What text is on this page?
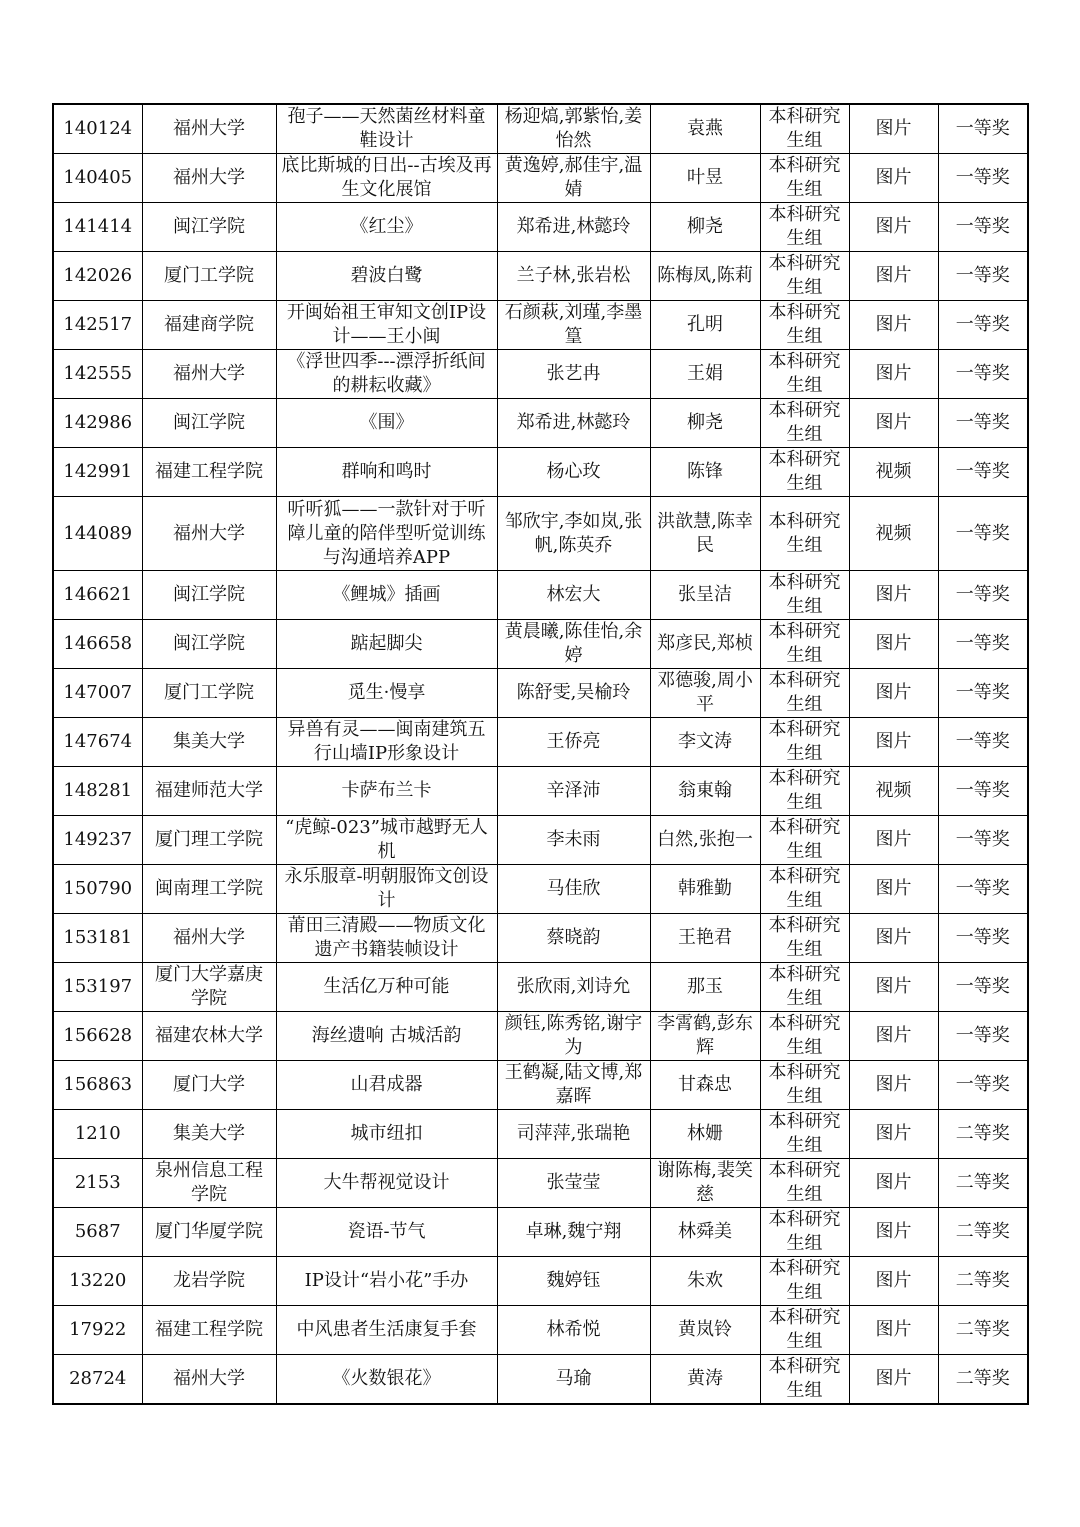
140124	福州大学	孢子——天然菌丝材料童鞋设计	杨迎熇,郭紫怡,姜怡然	袁燕	本科研究生组	图片	一等奖
140405	福州大学	底比斯城的日出--古埃及再生文化展馆	黄逸婷,郝佳宇,温婧	叶昱	本科研究生组	图片	一等奖
141414	闽江学院	《红尘》	郑希进,林懿玲	柳尧	本科研究生组	图片	一等奖
142026	厦门工学院	碧波白鹭	兰子林,张岩松	陈梅凤,陈莉	本科研究生组	图片	一等奖
142517	福建商学院	开闽始祖王审知文创IP设计——王小闽	石颜萩,刘瑾,李墨篁	孔明	本科研究生组	图片	一等奖
142555	福州大学	《浮世四季---漂浮折纸间的耕耘收藏》	张艺冉	王娟	本科研究生组	图片	一等奖
142986	闽江学院	《围》	郑希进,林懿玲	柳尧	本科研究生组	图片	一等奖
142991	福建工程学院	群响和鸣时	杨心玫	陈锋	本科研究生组	视频	一等奖
144089	福州大学	听听狐——一款针对于听障儿童的陪伴型听觉训练与沟通培养APP	邹欣宇,李如岚,张帆,陈英乔	洪歆慧,陈幸民	本科研究生组	视频	一等奖
146621	闽江学院	《鲤城》插画	林宏大	张呈洁	本科研究生组	图片	一等奖
146658	闽江学院	踮起脚尖	黄晨曦,陈佳怡,余婷	郑彦民,郑桢	本科研究生组	图片	一等奖
147007	厦门工学院	觅生·慢享	陈舒雯,吴榆玲	邓德骏,周小平	本科研究生组	图片	一等奖
147674	集美大学	异兽有灵——闽南建筑五行山墙IP形象设计	王侨亮	李文涛	本科研究生组	图片	一等奖
148281	福建师范大学	卡萨布兰卡	辛泽沛	翁東翰	本科研究生组	视频	一等奖
149237	厦门理工学院	“虎鲸-023”城市越野无人机	李未雨	白然,张抱一	本科研究生组	图片	一等奖
150790	闽南理工学院	永乐服章-明朝服饰文创设计	马佳欣	韩雅勤	本科研究生组	图片	一等奖
153181	福州大学	莆田三清殿——物质文化遗产书籍装帧设计	蔡晓韵	王艳君	本科研究生组	图片	一等奖
153197	厦门大学嘉庚学院	生活亿万种可能	张欣雨,刘诗允	那玉	本科研究生组	图片	一等奖
156628	福建农林大学	海丝遗响 古城活韵	颜钰,陈秀铭,谢宇为	李霄鹤,彭东辉	本科研究生组	图片	一等奖
156863	厦门大学	山君成器	王鹤凝,陆文博,郑嘉晖	甘森忠	本科研究生组	图片	一等奖
1210	集美大学	城市纽扣	司萍萍,张瑞艳	林姗	本科研究生组	图片	二等奖
2153	泉州信息工程学院	大牛帮视觉设计	张莹莹	谢陈梅,裴笑慈	本科研究生组	图片	二等奖
5687	厦门华厦学院	瓷语-节气	卓琳,魏宁翔	林舜美	本科研究生组	图片	二等奖
13220	龙岩学院	IP设计“岩小花”手办	魏婷钰	朱欢	本科研究生组	图片	二等奖
17922	福建工程学院	中风患者生活康复手套	林希悦	黄岚铃	本科研究生组	图片	二等奖
28724	福州大学	《火数银花》	马瑜	黄涛	本科研究生组	图片	二等奖
